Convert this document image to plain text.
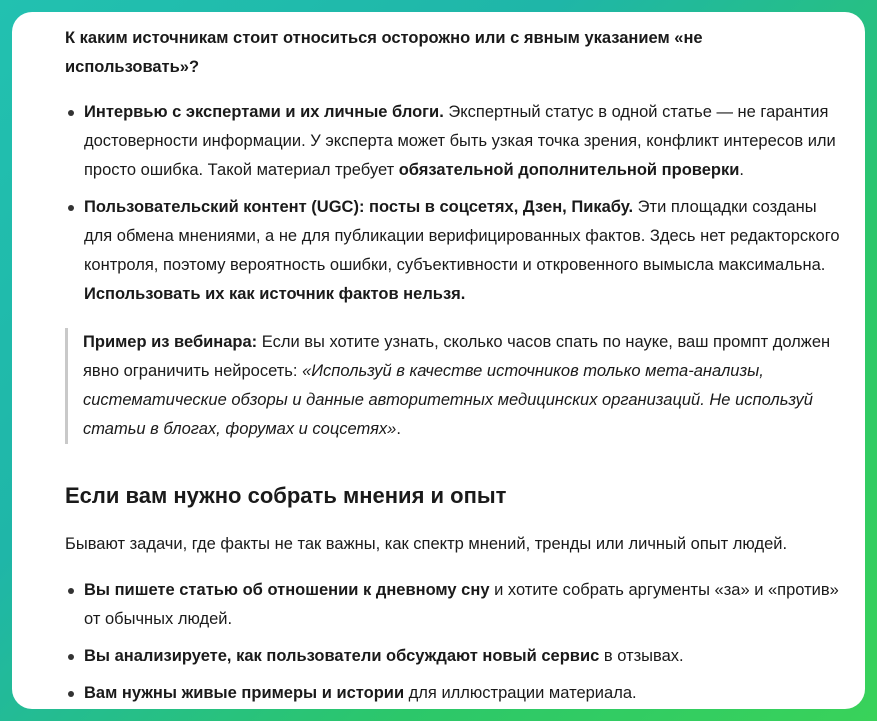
К каким источникам стоит относиться осторожно или с явным указанием «не использовать»?
Интервью с экспертами и их личные блоги. Экспертный статус в одной статье — не гарантия достоверности информации. У эксперта может быть узкая точка зрения, конфликт интересов или просто ошибка. Такой материал требует обязательной дополнительной проверки.
Пользовательский контент (UGC): посты в соцсетях, Дзен, Пикабу. Эти площадки созданы для обмена мнениями, а не для публикации верифицированных фактов. Здесь нет редакторского контроля, поэтому вероятность ошибки, субъективности и откровенного вымысла максимальна. Использовать их как источник фактов нельзя.
Пример из вебинара: Если вы хотите узнать, сколько часов спать по науке, ваш промпт должен явно ограничить нейросеть: «Используй в качестве источников только мета-анализы, систематические обзоры и данные авторитетных медицинских организаций. Не используй статьи в блогах, форумах и соцсетях».
Если вам нужно собрать мнения и опыт
Бывают задачи, где факты не так важны, как спектр мнений, тренды или личный опыт людей.
Вы пишете статью об отношении к дневному сну и хотите собрать аргументы «за» и «против» от обычных людей.
Вы анализируете, как пользователи обсуждают новый сервис в отзывах.
Вам нужны живые примеры и истории для иллюстрации материала.
